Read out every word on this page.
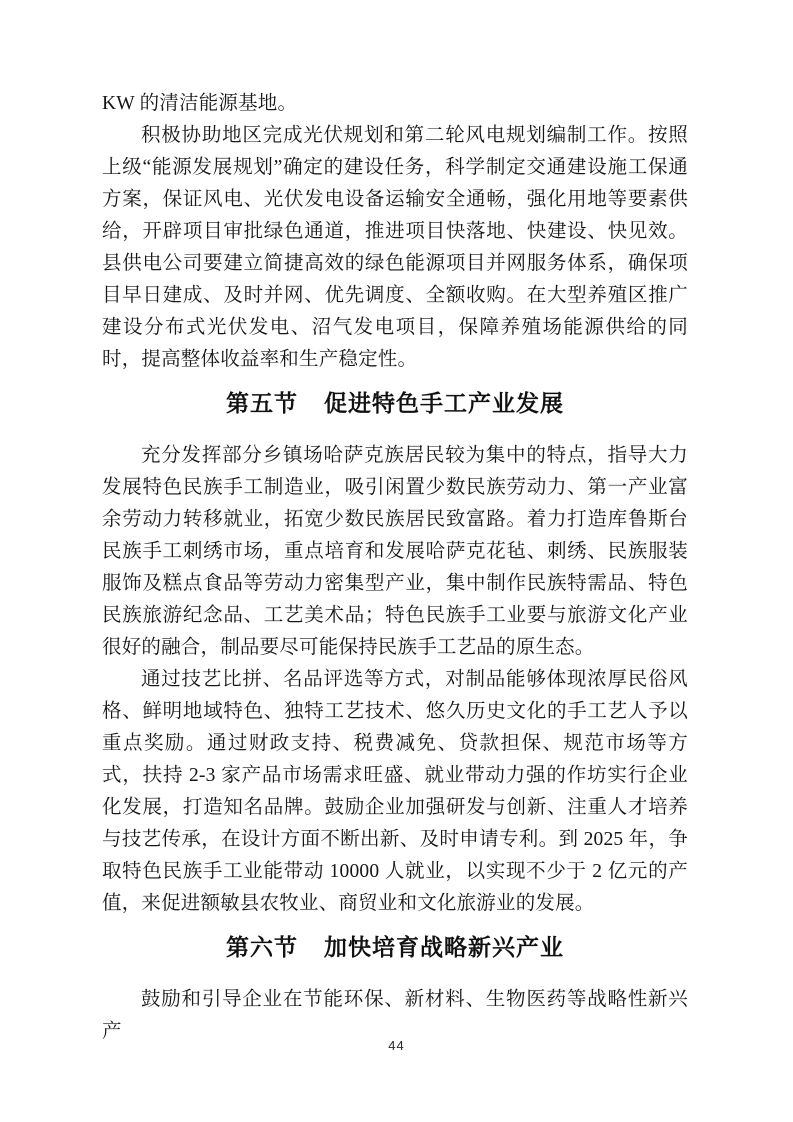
KW 的清洁能源基地。

积极协助地区完成光伏规划和第二轮风电规划编制工作。按照上级“能源发展规划”确定的建设任务，科学制定交通建设施工保通方案，保证风电、光伏发电设备运输安全通畅，强化用地等要素供给，开辟项目审批绿色通道，推进项目快落地、快建设、快见效。县供电公司要建立简捷高效的绿色能源项目并网服务体系，确保项目早日建成、及时并网、优先调度、全额收购。在大型养殖区推广建设分布式光伏发电、沼气发电项目，保障养殖场能源供给的同时，提高整体收益率和生产稳定性。

第五节 促进特色手工产业发展

充分发挥部分乡镇场哈萨克族居民较为集中的特点，指导大力发展特色民族手工制造业，吸引闲置少数民族劳动力、第一产业富余劳动力转移就业，拓宽少数民族居民致富路。着力打造库鲁斯台民族手工刺绣市场，重点培育和发展哈萨克花毡、刺绣、民族服装服饰及糕点食品等劳动力密集型产业，集中制作民族特需品、特色民族旅游纪念品、工艺美术品；特色民族手工业要与旅游文化产业很好的融合，制品要尽可能保持民族手工艺品的原生态。

通过技艺比拼、名品评选等方式，对制品能够体现浓厚民俗风格、鲜明地域特色、独特工艺技术、悠久历史文化的手工艺人予以重点奖励。通过财政支持、税费减免、贷款担保、规范市场等方式，扶持 2-3 家产品市场需求旺盛、就业带动力强的作坊实行企业化发展，打造知名品牌。鼓励企业加强研发与创新、注重人才培养与技艺传承，在设计方面不断出新、及时申请专利。到 2025 年，争取特色民族手工业能带动 10000 人就业，以实现不少于 2 亿元的产值，来促进额敏县农牧业、商贸业和文化旅游业的发展。

第六节 加快培育战略新兴产业

鼓励和引导企业在节能环保、新材料、生物医药等战略性新兴产

44
